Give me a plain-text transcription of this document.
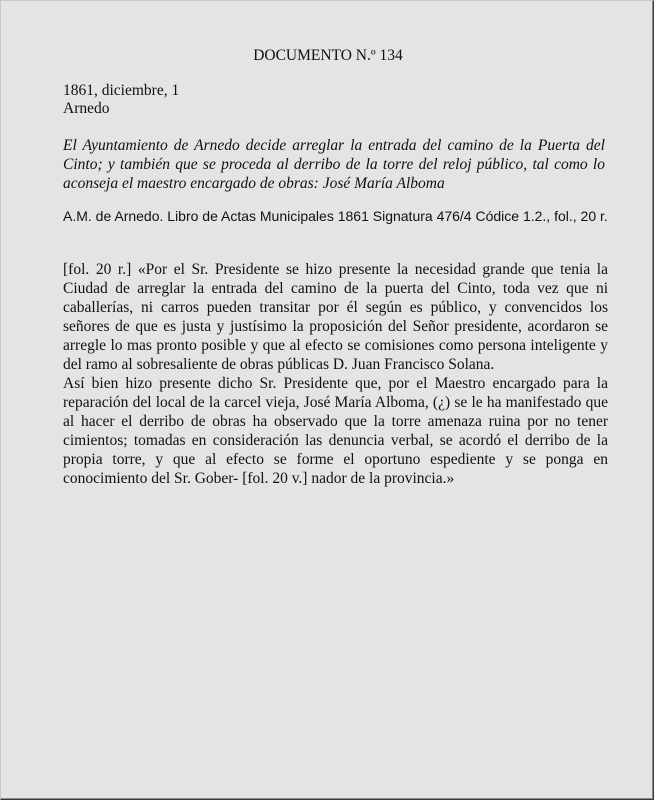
DOCUMENTO N.º 134
1861, diciembre, 1
Arnedo
El Ayuntamiento de Arnedo decide arreglar la entrada del camino de la Puerta del Cinto; y también que se proceda al derribo de la torre del reloj público, tal como lo aconseja el maestro encargado de obras: José María Alboma
A.M. de Arnedo. Libro de Actas Municipales 1861 Signatura 476/4 Códice 1.2., fol., 20 r.

[fol. 20 r.] «Por el Sr. Presidente se hizo presente la necesidad grande que tenia la Ciudad de arreglar la entrada del camino de la puerta del Cinto, toda vez que ni caballerías, ni carros pueden transitar por él según es público, y convencidos los señores de que es justa y justísimo la proposición del Señor presidente, acordaron se arregle lo mas pronto posible y que al efecto se comisiones como persona inteligente y del ramo al sobresaliente de obras públicas D. Juan Francisco Solana.

Así bien hizo presente dicho Sr. Presidente que, por el Maestro encargado para la reparación del local de la carcel vieja, José María Alboma, (¿) se le ha manifestado que al hacer el derribo de obras ha observado que la torre amenaza ruina por no tener cimientos; tomadas en consideración las denuncia verbal, se acordó el derribo de la propia torre, y que al efecto se forme el oportuno espediente y se ponga en conocimiento del Sr. Gober- [fol. 20 v.] nador de la provincia.»
